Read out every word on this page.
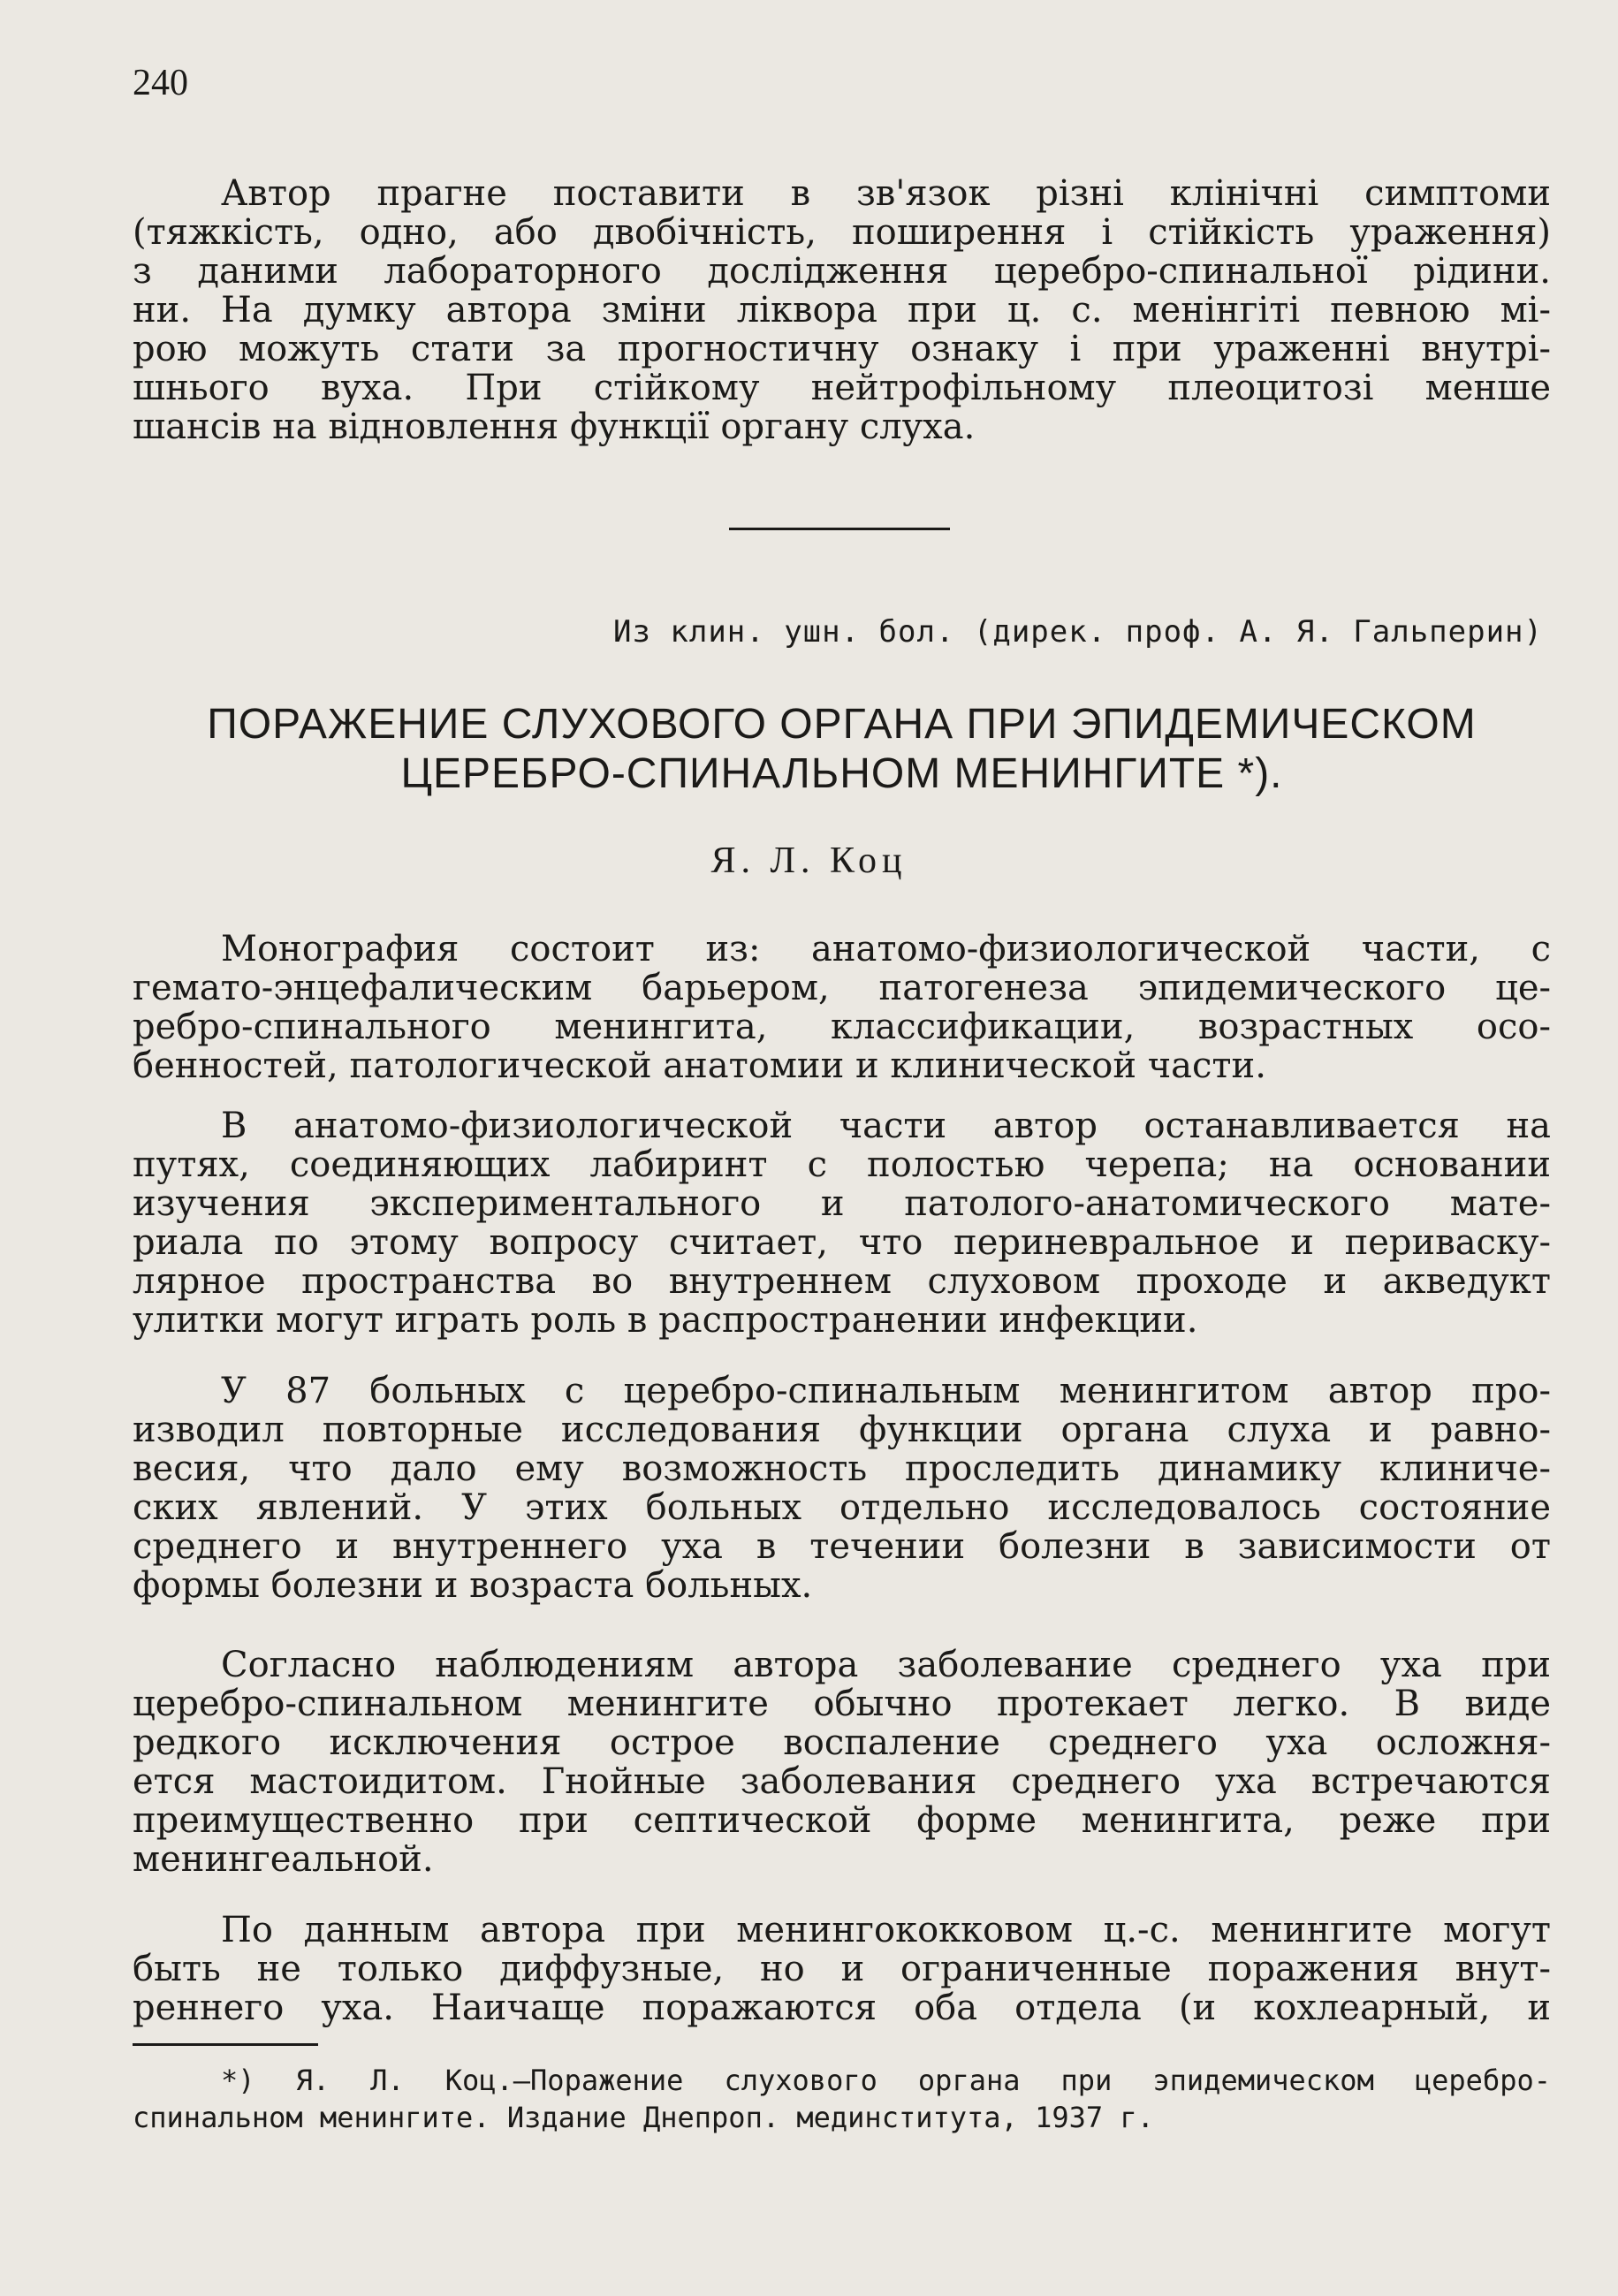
240
Автор прагне поставити в зв'язок різні клінічні симптоми
(тяжкість, одно, або двобічність, поширення і стійкість ураження)
з даними лабораторного дослідження церебро-спинальної рідини.
ни. На думку автора зміни ліквора при ц. с. менінгіті певною мі-
рою можуть стати за прогностичну ознаку і при ураженні внутрі-
шнього вуха. При стійкому нейтрофільному плеоцитозі менше
шансів на відновлення функції органу слуха.
Из клин. ушн. бол. (дирек. проф. А. Я. Гальперин)
ПОРАЖЕНИЕ СЛУХОВОГО ОРГАНА ПРИ ЭПИДЕМИЧЕСКОМ
ЦЕРЕБРО-СПИНАЛЬНОМ МЕНИНГИТЕ *).
Я. Л. Коц
Монография состоит из: анатомо-физиологической части, с
гемато-энцефалическим барьером, патогенеза эпидемического це-
ребро-спинального менингита, классификации, возрастных осо-
бенностей, патологической анатомии и клинической части.
В анатомо-физиологической части автор останавливается на
путях, соединяющих лабиринт с полостью черепа; на основании
изучения экспериментального и патолого-анатомического мате-
риала по этому вопросу считает, что периневральное и периваску-
лярное пространства во внутреннем слуховом проходе и акведукт
улитки могут играть роль в распространении инфекции.
У 87 больных с церебро-спинальным менингитом автор про-
изводил повторные исследования функции органа слуха и равно-
весия, что дало ему возможность проследить динамику клиниче-
ских явлений. У этих больных отдельно исследовалось состояние
среднего и внутреннего уха в течении болезни в зависимости от
формы болезни и возраста больных.
Согласно наблюдениям автора заболевание среднего уха при
церебро-спинальном менингите обычно протекает легко. В виде
редкого исключения острое воспаление среднего уха осложня-
ется мастоидитом. Гнойные заболевания среднего уха встречаются
преимущественно при септической форме менингита, реже при
менингеальной.
По данным автора при менингококковом ц.-с. менингите могут
быть не только диффузные, но и ограниченные поражения внут-
реннего уха. Наичаще поражаются оба отдела (и кохлеарный, и
*) Я. Л. Коц.—Поражение слухового органа при эпидемическом церебро-
спинальном менингите. Издание Днепроп. мединститута, 1937 г.
